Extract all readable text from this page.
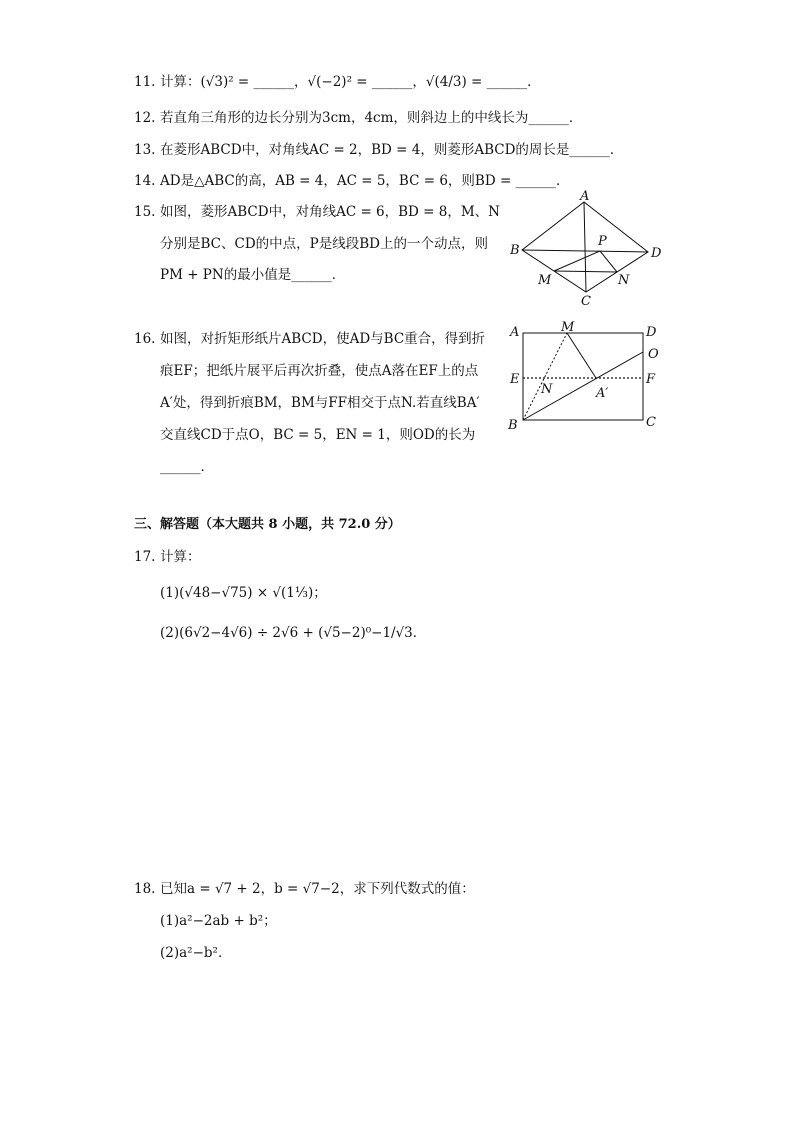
11. 计算：(√3)² = ______，√(−2)² = ______，√(4/3) = ______．
12. 若直角三角形的边长分别为3cm，4cm，则斜边上的中线长为______．
13. 在菱形ABCD中，对角线AC = 2，BD = 4，则菱形ABCD的周长是______．
14. AD是△ABC的高，AB = 4，AC = 5，BC = 6，则BD = ______．
15. 如图，菱形ABCD中，对角线AC = 6，BD = 8，M、N
分别是BC、CD的中点，P是线段BD上的一个动点，则
PM + PN的最小值是______．
A
B
C
D
P
M	N
16. 如图，对折矩形纸片ABCD，使AD与BC重合，得到折
痕EF；把纸片展平后再次折叠，使点A落在EF上的点
A′处，得到折痕BM，BM与FF相交于点N.若直线BA′
交直线CD于点O，BC = 5，EN = 1，则OD的长为
______．
A	M	D
O
E
N
F
A′
B	C
三、解答题（本大题共 8 小题，共 72.0 分）
17. 计算：
(1)(√48−√75) × √(1⅓)；
(2)(6√2−4√6) ÷ 2√6 + (√5−2)⁰−1/√3．
18. 已知a = √7 + 2，b = √7−2，求下列代数式的值：
(1)a²−2ab + b²；
(2)a²−b²．
